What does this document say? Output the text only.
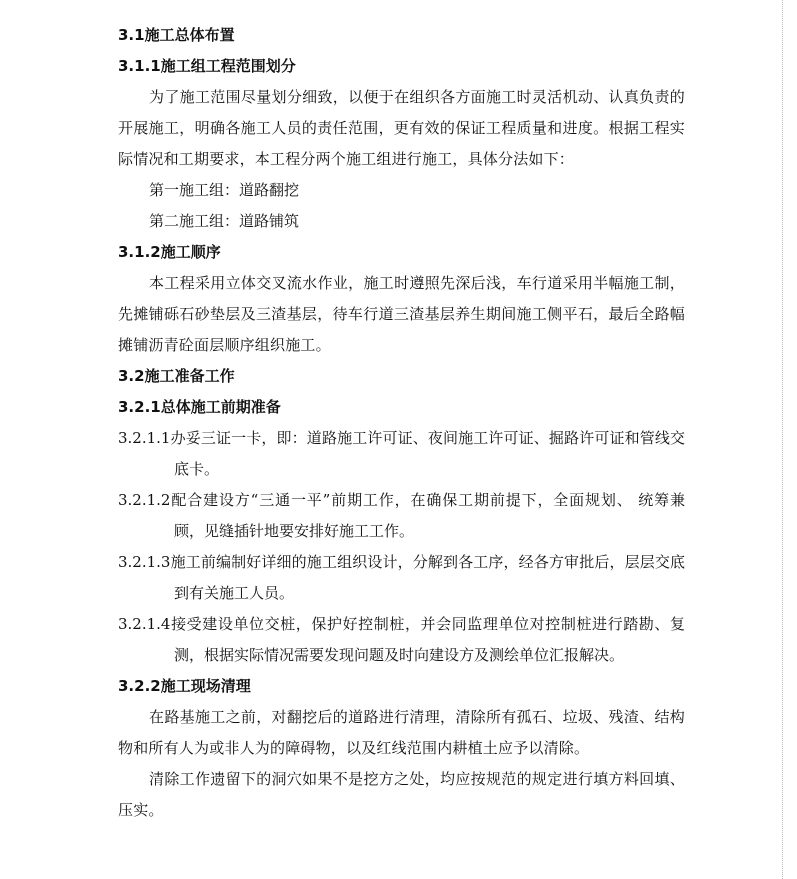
3.1施工总体布置
3.1.1施工组工程范围划分
为了施工范围尽量划分细致，以便于在组织各方面施工时灵活机动、认真负责的开展施工，明确各施工人员的责任范围，更有效的保证工程质量和进度。根据工程实际情况和工期要求，本工程分两个施工组进行施工，具体分法如下：
第一施工组：道路翻挖
第二施工组：道路铺筑
3.1.2施工顺序
本工程采用立体交叉流水作业，施工时遵照先深后浅，车行道采用半幅施工制，先摊铺砾石砂垫层及三渣基层，待车行道三渣基层养生期间施工侧平石，最后全路幅摊铺沥青砼面层顺序组织施工。
3.2施工准备工作
3.2.1总体施工前期准备
3.2.1.1办妥三证一卡，即：道路施工许可证、夜间施工许可证、掘路许可证和管线交底卡。
3.2.1.2配合建设方“三通一平”前期工作，在确保工期前提下，全面规划、 统筹兼顾，见缝插针地要安排好施工工作。
3.2.1.3施工前编制好详细的施工组织设计，分解到各工序，经各方审批后，层层交底到有关施工人员。
3.2.1.4接受建设单位交桩，保护好控制桩，并会同监理单位对控制桩进行踏勘、复测，根据实际情况需要发现问题及时向建设方及测绘单位汇报解决。
3.2.2施工现场清理
在路基施工之前，对翻挖后的道路进行清理，清除所有孤石、垃圾、残渣、结构物和所有人为或非人为的障碍物，以及红线范围内耕植土应予以清除。
清除工作遗留下的洞穴如果不是挖方之处，均应按规范的规定进行填方料回填、压实。
